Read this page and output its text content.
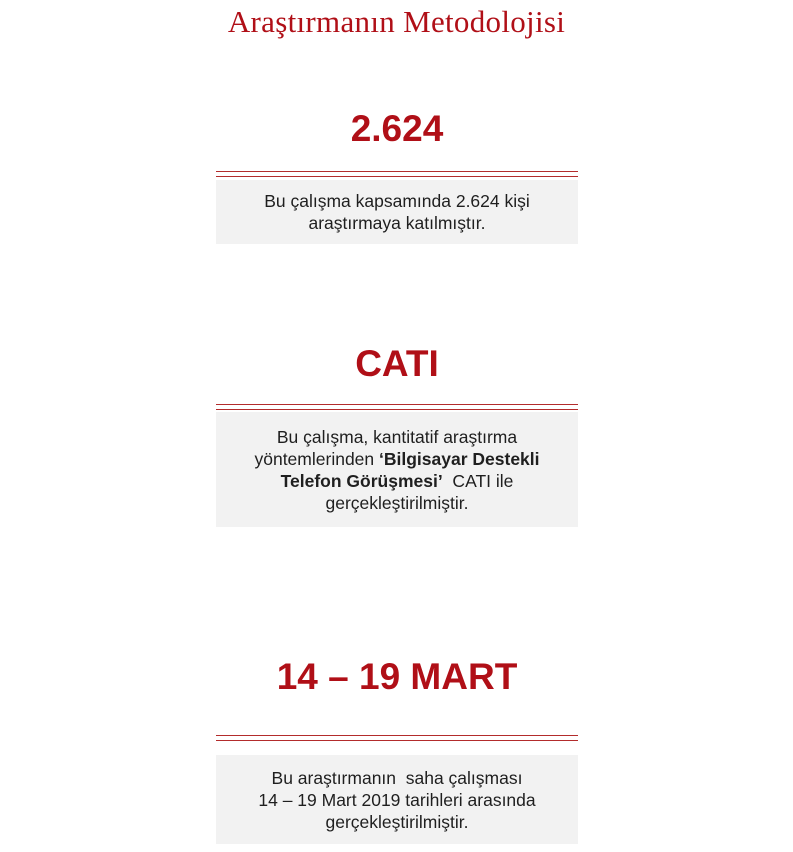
Araştırmanın Metodolojisi
2.624
Bu çalışma kapsamında 2.624 kişi
araştırmaya katılmıştır.
CATI
Bu çalışma, kantitatif araştırma
yöntemlerinden ‘Bilgisayar Destekli
Telefon Görüşmesi’  CATI ile
gerçekleştirilmiştir.
14 – 19 MART
Bu araştırmanın  saha çalışması
14 – 19 Mart 2019 tarihleri arasında
gerçekleştirilmiştir.
